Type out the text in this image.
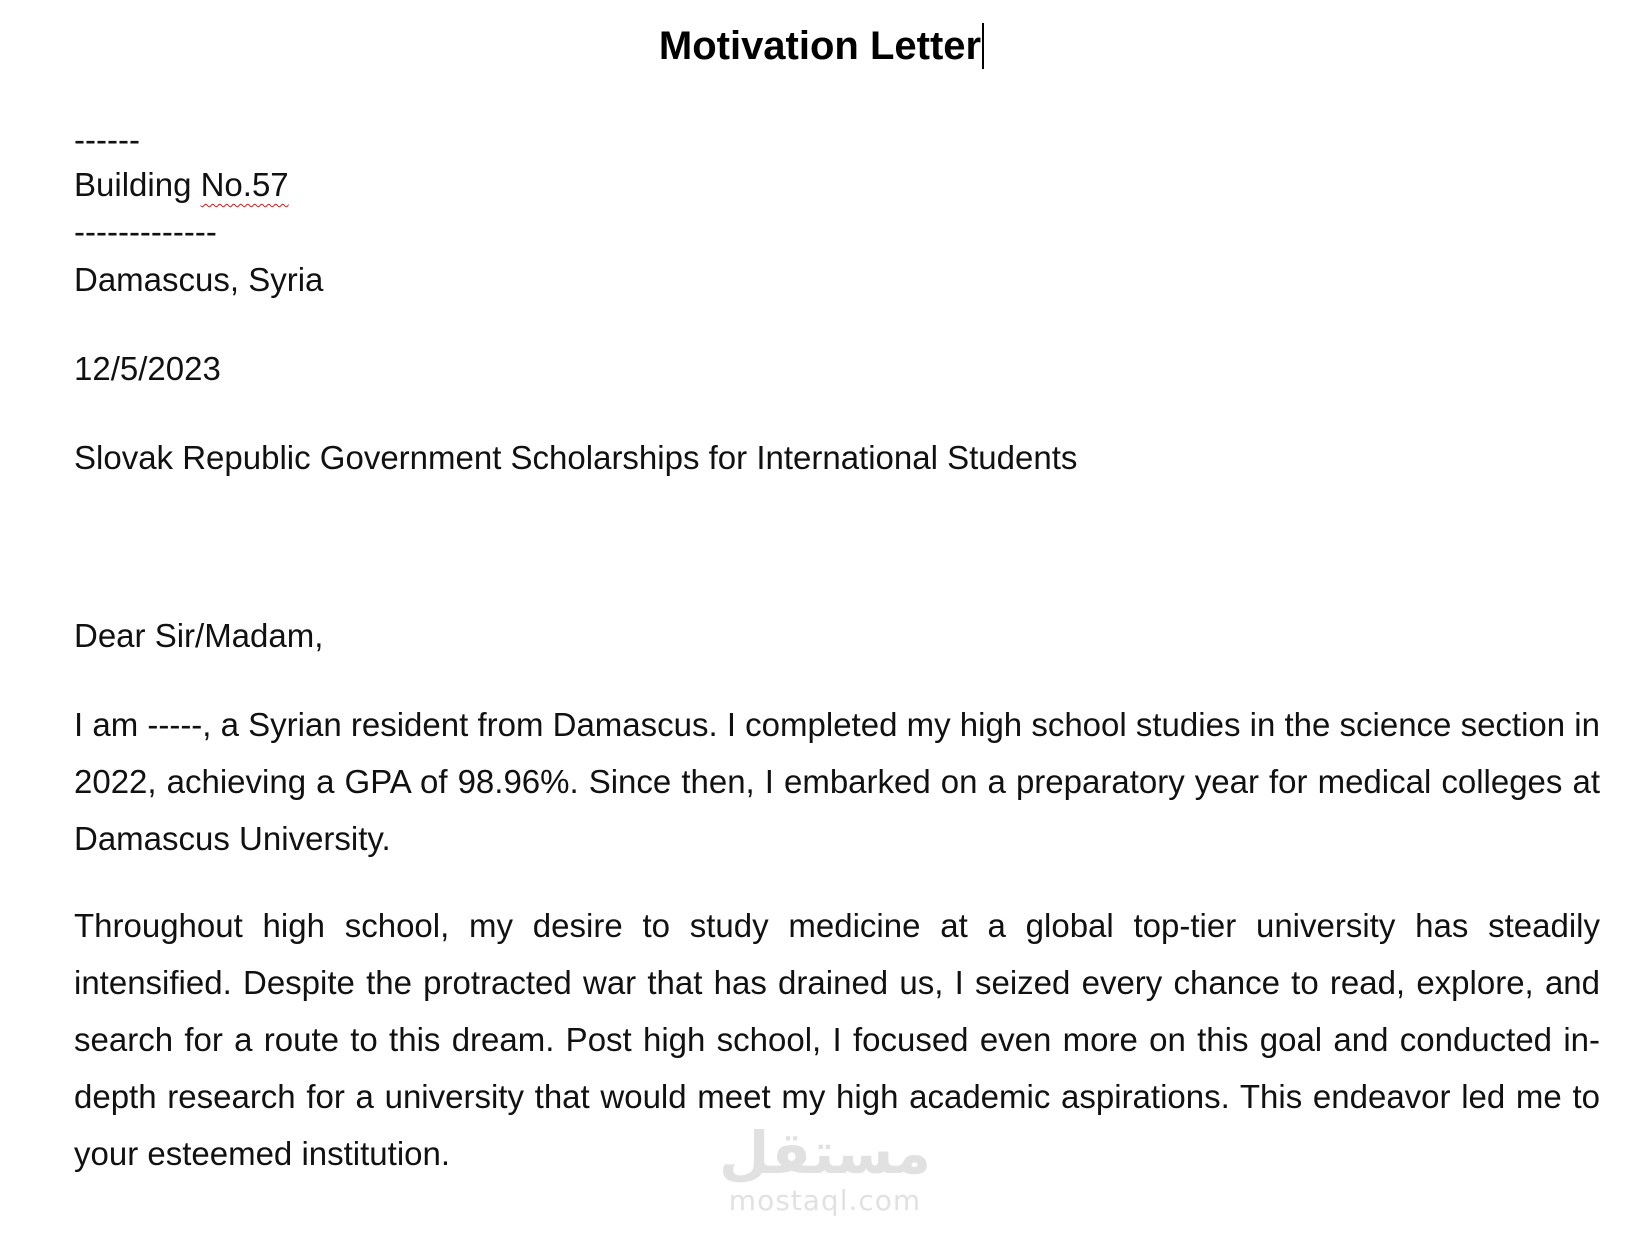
Motivation Letter
------
Building No.57
-------------
Damascus, Syria
12/5/2023
Slovak Republic Government Scholarships for International Students
Dear Sir/Madam,
I am -----, a Syrian resident from Damascus. I completed my high school studies in the science section in 2022, achieving a GPA of 98.96%. Since then, I embarked on a preparatory year for medical colleges at Damascus University.
Throughout high school, my desire to study medicine at a global top-tier university has steadily intensified. Despite the protracted war that has drained us, I seized every chance to read, explore, and search for a route to this dream. Post high school, I focused even more on this goal and conducted in-depth research for a university that would meet my high academic aspirations. This endeavor led me to your esteemed institution.	مستقل
mostaql.com
